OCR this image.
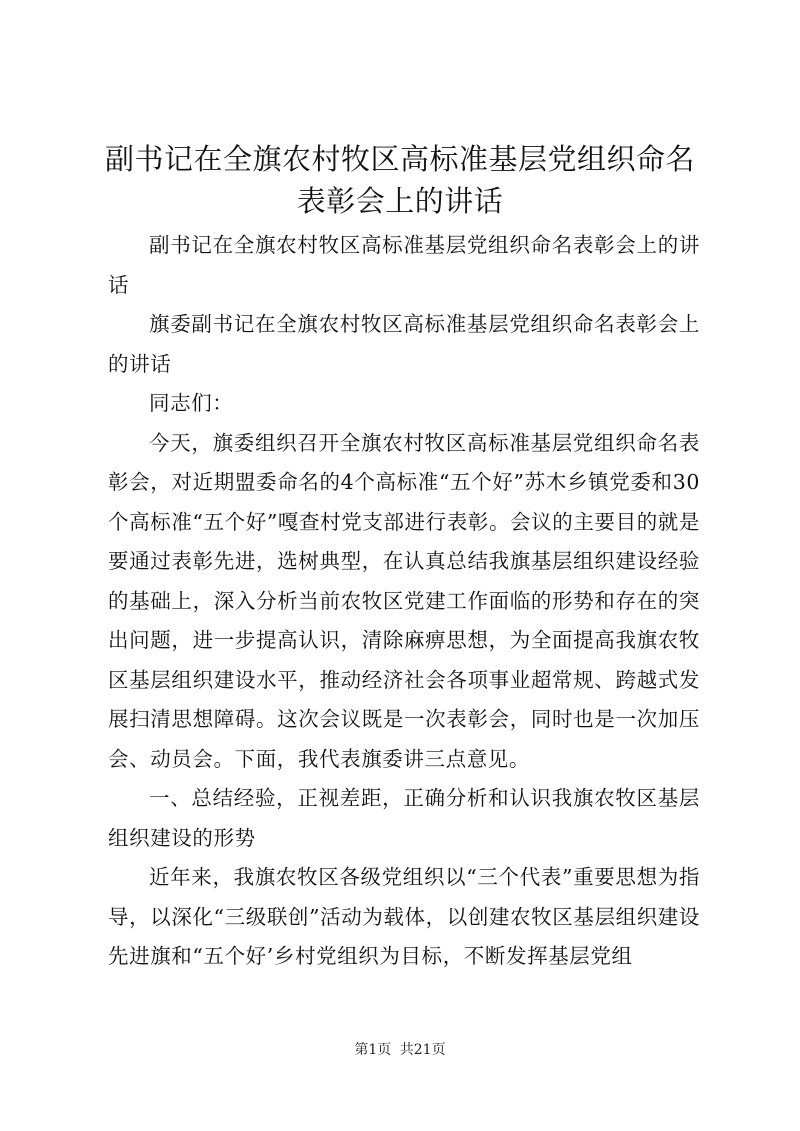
副书记在全旗农村牧区高标准基层党组织命名
表彰会上的讲话

副书记在全旗农村牧区高标准基层党组织命名表彰会上的讲话

旗委副书记在全旗农村牧区高标准基层党组织命名表彰会上的讲话

同志们：

今天，旗委组织召开全旗农村牧区高标准基层党组织命名表彰会，对近期盟委命名的4个高标准“五个好”苏木乡镇党委和30个高标准“五个好”嘎查村党支部进行表彰。会议的主要目的就是要通过表彰先进，选树典型，在认真总结我旗基层组织建设经验的基础上，深入分析当前农牧区党建工作面临的形势和存在的突出问题，进一步提高认识，清除麻痹思想，为全面提高我旗农牧区基层组织建设水平，推动经济社会各项事业超常规、跨越式发展扫清思想障碍。这次会议既是一次表彰会，同时也是一次加压会、动员会。下面，我代表旗委讲三点意见。

一、总结经验，正视差距，正确分析和认识我旗农牧区基层组织建设的形势

近年来，我旗农牧区各级党组织以“三个代表”重要思想为指导，以深化“三级联创”活动为载体，以创建农牧区基层组织建设先进旗和“五个好’乡村党组织为目标，不断发挥基层党组

第1页 共21页
